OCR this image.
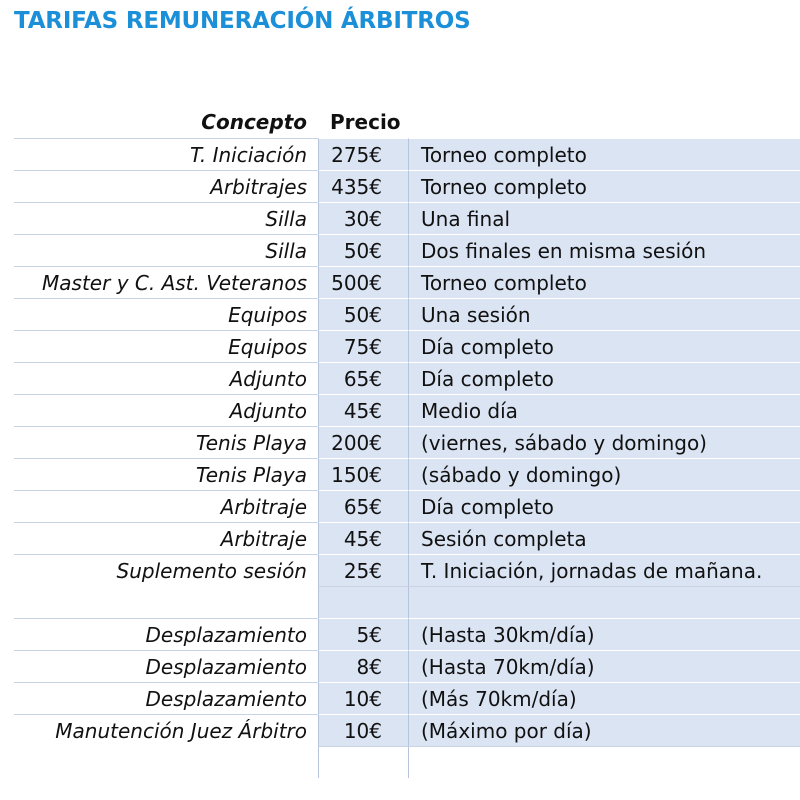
TARIFAS REMUNERACIÓN ÁRBITROS
Concepto	Precio
T. Iniciación	275€	Torneo completo
Arbitrajes	435€	Torneo completo
Silla	30€	Una final
Silla	50€	Dos finales en misma sesión
Master y C. Ast. Veteranos	500€	Torneo completo
Equipos	50€	Una sesión
Equipos	75€	Día completo
Adjunto	65€	Día completo
Adjunto	45€	Medio día
Tenis Playa	200€	(viernes, sábado y domingo)
Tenis Playa	150€	(sábado y domingo)
Arbitraje	65€	Día completo
Arbitraje	45€	Sesión completa
Suplemento sesión	25€	T. Iniciación, jornadas de mañana.
Desplazamiento	5€	(Hasta 30km/día)
Desplazamiento	8€	(Hasta 70km/día)
Desplazamiento	10€	(Más 70km/día)
Manutención Juez Árbitro	10€	(Máximo por día)
